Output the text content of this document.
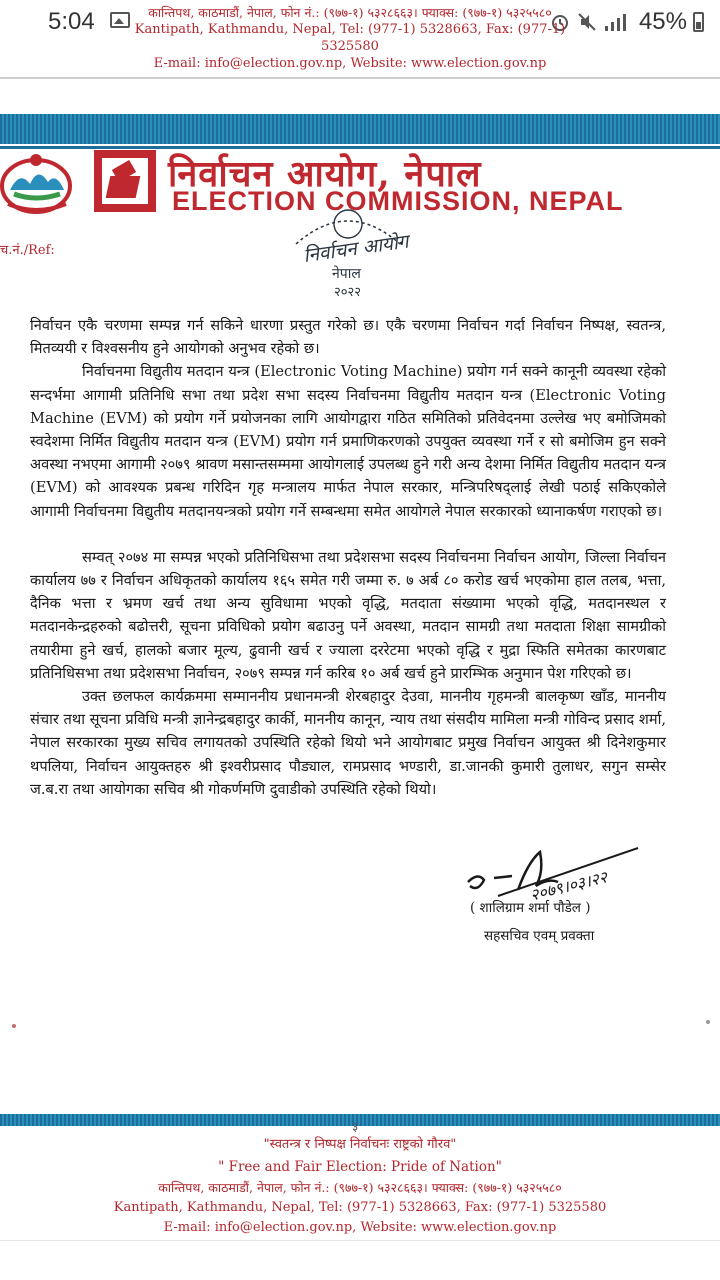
5:04	45%
कान्तिपथ, काठमाडौं, नेपाल, फोन नं.: (९७७-१) ५३२८६६३। फ्याक्स: (९७७-१) ५३२५५८०
Kantipath, Kathmandu, Nepal, Tel: (977-1) 5328663, Fax: (977-1) 5325580
E-mail: info@election.gov.np, Website: www.election.gov.np
निर्वाचन आयोग, नेपाल
ELECTION COMMISSION, NEPAL
च.नं./Ref:	निर्वाचन आयोग
नेपाल
२०२२

निर्वाचन एकै चरणमा सम्पन्न गर्न सकिने धारणा प्रस्तुत गरेको छ। एकै चरणमा निर्वाचन गर्दा निर्वाचन निष्पक्ष, स्वतन्त्र, मितव्ययी र विश्वसनीय हुने आयोगको अनुभव रहेको छ।

निर्वाचनमा विद्युतीय मतदान यन्त्र (Electronic Voting Machine) प्रयोग गर्न सक्ने कानूनी व्यवस्था रहेको सन्दर्भमा आगामी प्रतिनिधि सभा तथा प्रदेश सभा सदस्य निर्वाचनमा विद्युतीय मतदान यन्त्र (Electronic Voting Machine (EVM) को प्रयोग गर्ने प्रयोजनका लागि आयोगद्वारा गठित समितिको प्रतिवेदनमा उल्लेख भए बमोजिमको स्वदेशमा निर्मित विद्युतीय मतदान यन्त्र (EVM) प्रयोग गर्न प्रमाणिकरणको उपयुक्त व्यवस्था गर्ने र सो बमोजिम हुन सक्ने अवस्था नभएमा आगामी २०७९ श्रावण मसान्तसम्ममा आयोगलाई उपलब्ध हुने गरी अन्य देशमा निर्मित विद्युतीय मतदान यन्त्र (EVM) को आवश्यक प्रबन्ध गरिदिन गृह मन्त्रालय मार्फत नेपाल सरकार, मन्त्रिपरिषद्लाई लेखी पठाई सकिएकोले आगामी निर्वाचनमा विद्युतीय मतदानयन्त्रको प्रयोग गर्ने सम्बन्धमा समेत आयोगले नेपाल सरकारको ध्यानाकर्षण गराएको छ।

सम्वत् २०७४ मा सम्पन्न भएको प्रतिनिधिसभा तथा प्रदेशसभा सदस्य निर्वाचनमा निर्वाचन आयोग, जिल्ला निर्वाचन कार्यालय ७७ र निर्वाचन अधिकृतको कार्यालय १६५ समेत गरी जम्मा रु. ७ अर्ब ८० करोड खर्च भएकोमा हाल तलब, भत्ता, दैनिक भत्ता र भ्रमण खर्च तथा अन्य सुविधामा भएको वृद्धि, मतदाता संख्यामा भएको वृद्धि, मतदानस्थल र मतदानकेन्द्रहरुको बढोत्तरी, सूचना प्रविधिको प्रयोग बढाउनु पर्ने अवस्था, मतदान सामग्री तथा मतदाता शिक्षा सामग्रीको तयारीमा हुने खर्च, हालको बजार मूल्य, ढुवानी खर्च र ज्याला दररेटमा भएको वृद्धि र मुद्रा स्फिति समेतका कारणबाट प्रतिनिधिसभा तथा प्रदेशसभा निर्वाचन, २०७९ सम्पन्न गर्न करिब १० अर्ब खर्च हुने प्रारम्भिक अनुमान पेश गरिएको छ।

उक्त छलफल कार्यक्रममा सम्माननीय प्रधानमन्त्री शेरबहादुर देउवा, माननीय गृहमन्त्री बालकृष्ण खाँड, माननीय संचार तथा सूचना प्रविधि मन्त्री ज्ञानेन्द्रबहादुर कार्की, माननीय कानून, न्याय तथा संसदीय मामिला मन्त्री गोविन्द प्रसाद शर्मा, नेपाल सरकारका मुख्य सचिव लगायतको उपस्थिति रहेको थियो भने आयोगबाट प्रमुख निर्वाचन आयुक्त श्री दिनेशकुमार थपलिया, निर्वाचन आयुक्तहरु श्री इश्वरीप्रसाद पौड्याल, रामप्रसाद भण्डारी, डा.जानकी कुमारी तुलाधर, सगुन सम्सेर ज.ब.रा तथा आयोगका सचिव श्री गोकर्णमणि दुवाडीको उपस्थिति रहेको थियो।

२०७९।०३।२२
( शालिग्राम शर्मा पौडेल )
सहसचिव एवम् प्रवक्ता
३
"स्वतन्त्र र निष्पक्ष निर्वाचनः राष्ट्रको गौरव"
" Free and Fair Election: Pride of Nation"
कान्तिपथ, काठमाडौं, नेपाल, फोन नं.: (९७७-१) ५३२८६६३। फ्याक्स: (९७७-१) ५३२५५८०
Kantipath, Kathmandu, Nepal, Tel: (977-1) 5328663, Fax: (977-1) 5325580
E-mail: info@election.gov.np, Website: www.election.gov.np
